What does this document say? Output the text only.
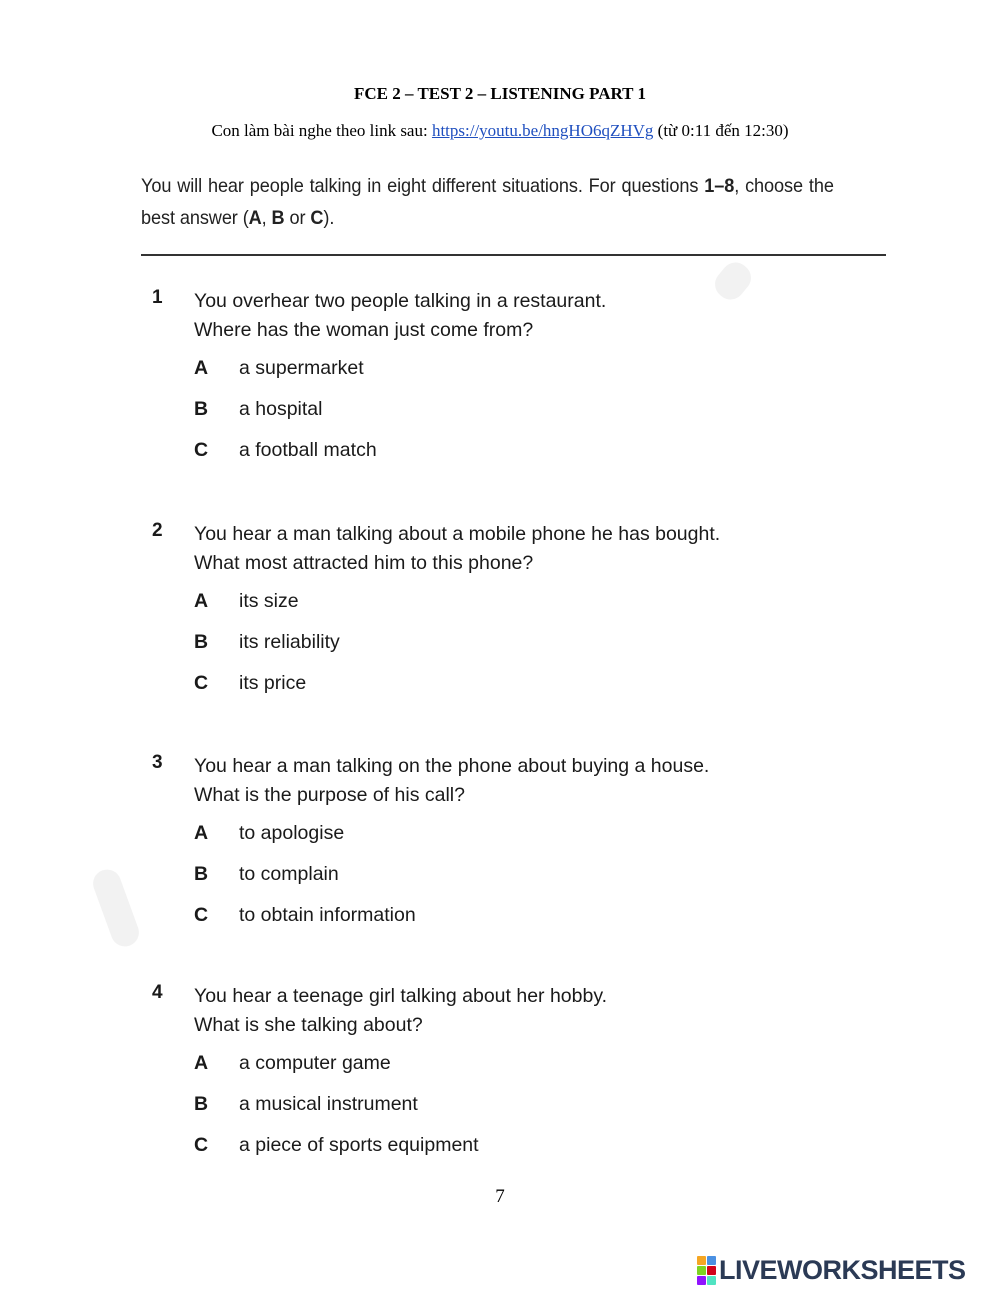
FCE 2 – TEST 2 – LISTENING PART 1
Con làm bài nghe theo link sau: https://youtu.be/hngHO6qZHVg (từ 0:11 đến 12:30)
You will hear people talking in eight different situations. For questions 1–8, choose the best answer (A, B or C).
1 You overhear two people talking in a restaurant.
Where has the woman just come from?
A a supermarket
B a hospital
C a football match
2 You hear a man talking about a mobile phone he has bought.
What most attracted him to this phone?
A its size
B its reliability
C its price
3 You hear a man talking on the phone about buying a house.
What is the purpose of his call?
A to apologise
B to complain
C to obtain information
4 You hear a teenage girl talking about her hobby.
What is she talking about?
A a computer game
B a musical instrument
C a piece of sports equipment
7
LIVEWORKSHEETS
